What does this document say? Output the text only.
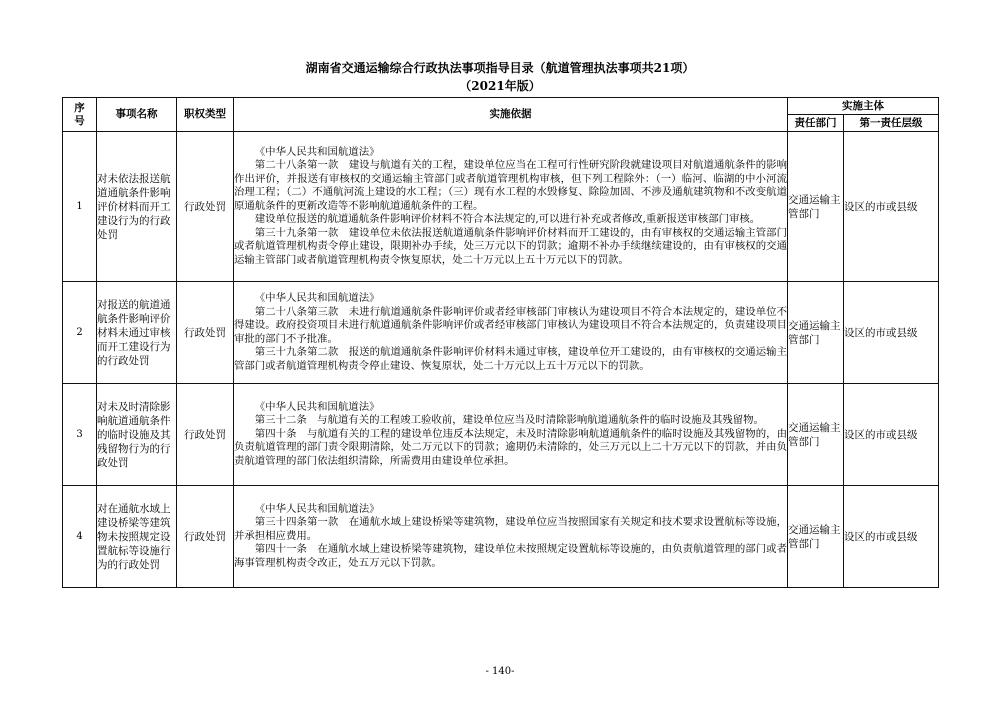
湖南省交通运输综合行政执法事项指导目录（航道管理执法事项共21项）
（2021年版）
序号	事项名称	职权类型	实施依据	实施主体	
				责任部门	第一责任层级
1	对未依法报送航道通航条件影响评价材料而开工建设行为的行政处罚	行政处罚	《中华人民共和国航道法》

第二十八条第一款　建设与航道有关的工程，建设单位应当在工程可行性研究阶段就建设项目对航道通航条件的影响作出评价，并报送有审核权的交通运输主管部门或者航道管理机构审核，但下列工程除外：（一）临河、临湖的中小河流治理工程；（二）不通航河流上建设的水工程；（三）现有水工程的水毁修复、除险加固、不涉及通航建筑物和不改变航道原通航条件的更新改造等不影响航道通航条件的工程。

建设单位报送的航道通航条件影响评价材料不符合本法规定的,可以进行补充或者修改,重新报送审核部门审核。

第三十九条第一款　建设单位未依法报送航道通航条件影响评价材料而开工建设的，由有审核权的交通运输主管部门或者航道管理机构责令停止建设，限期补办手续，处三万元以下的罚款；逾期不补办手续继续建设的，由有审核权的交通运输主管部门或者航道管理机构责令恢复原状，处二十万元以上五十万元以下的罚款。	交通运输主管部门	设区的市或县级
2	对报送的航道通航条件影响评价材料未通过审核而开工建设行为的行政处罚	行政处罚	《中华人民共和国航道法》

第二十八条第三款　未进行航道通航条件影响评价或者经审核部门审核认为建设项目不符合本法规定的，建设单位不得建设。政府投资项目未进行航道通航条件影响评价或者经审核部门审核认为建设项目不符合本法规定的，负责建设项目审批的部门不予批准。

第三十九条第二款　报送的航道通航条件影响评价材料未通过审核，建设单位开工建设的，由有审核权的交通运输主管部门或者航道管理机构责令停止建设、恢复原状，处二十万元以上五十万元以下的罚款。	交通运输主管部门	设区的市或县级
3	对未及时清除影响航道通航条件的临时设施及其残留物行为的行政处罚	行政处罚	《中华人民共和国航道法》

第三十二条　与航道有关的工程竣工验收前，建设单位应当及时清除影响航道通航条件的临时设施及其残留物。

第四十条　与航道有关的工程的建设单位违反本法规定，未及时清除影响航道通航条件的临时设施及其残留物的，由负责航道管理的部门责令限期清除，处二万元以下的罚款；逾期仍未清除的，处三万元以上二十万元以下的罚款，并由负责航道管理的部门依法组织清除，所需费用由建设单位承担。	交通运输主管部门	设区的市或县级
4	对在通航水域上建设桥梁等建筑物未按照规定设置航标等设施行为的行政处罚	行政处罚	《中华人民共和国航道法》

第三十四条第一款　在通航水域上建设桥梁等建筑物，建设单位应当按照国家有关规定和技术要求设置航标等设施，并承担相应费用。

第四十一条　在通航水域上建设桥梁等建筑物，建设单位未按照规定设置航标等设施的，由负责航道管理的部门或者海事管理机构责令改正，处五万元以下罚款。	交通运输主管部门	设区的市或县级
- 140-
